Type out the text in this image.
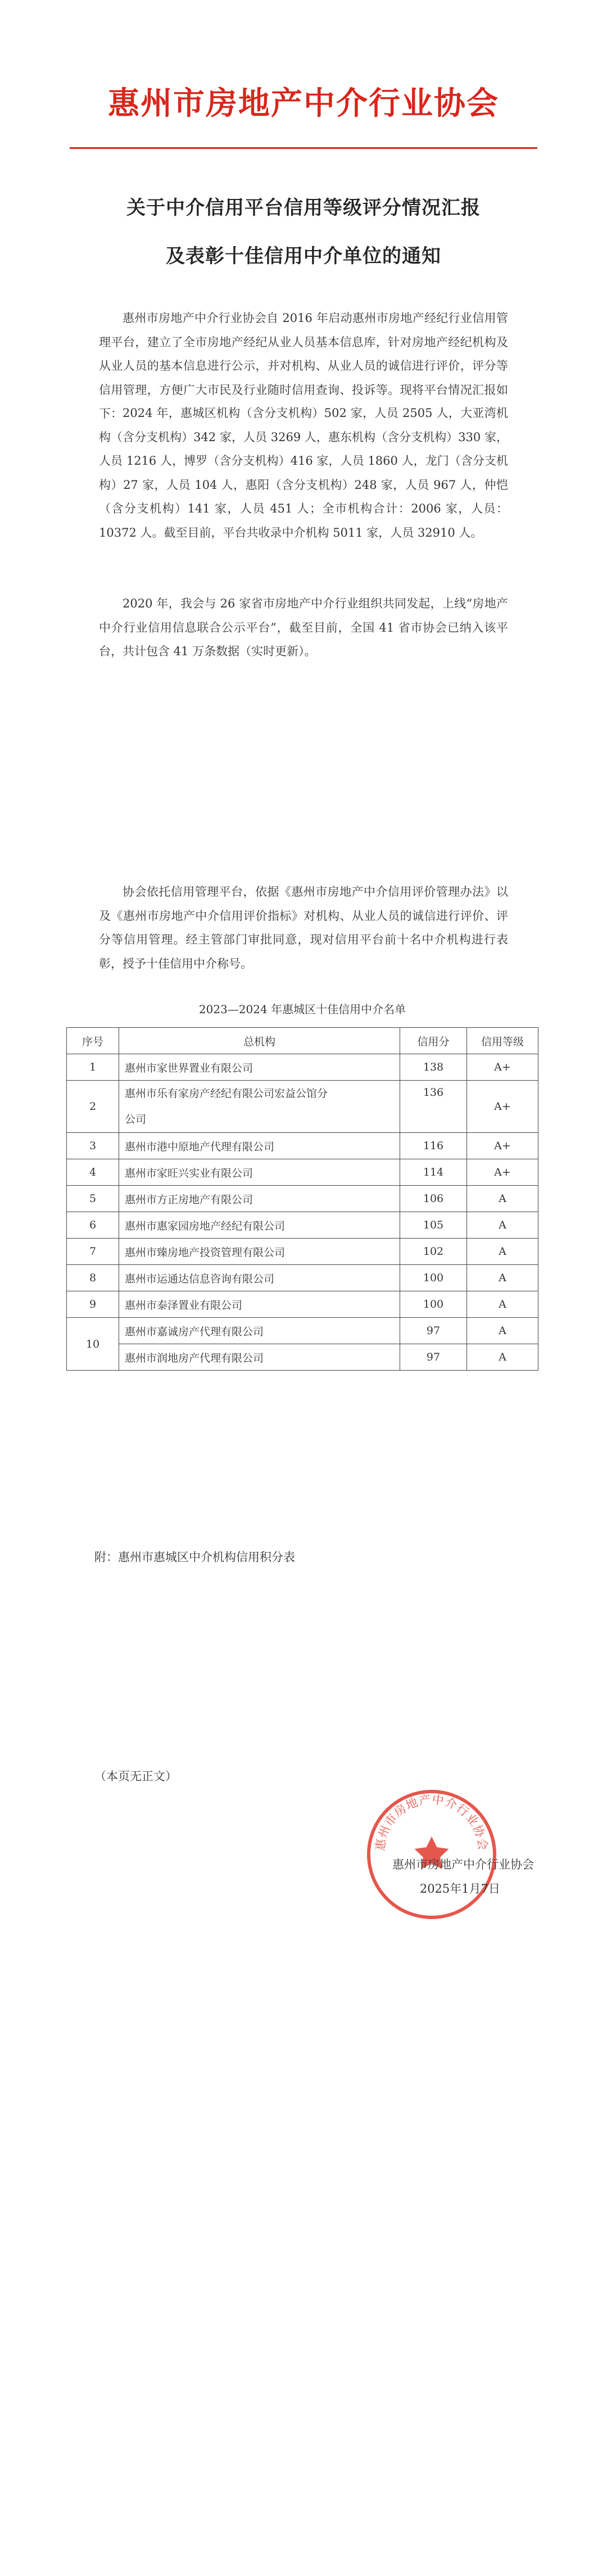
惠州市房地产中介行业协会
关于中介信用平台信用等级评分情况汇报
及表彰十佳信用中介单位的通知

惠州市房地产中介行业协会自 2016 年启动惠州市房地产经纪行业信用管理平台，建立了全市房地产经纪从业人员基本信息库，针对房地产经纪机构及从业人员的基本信息进行公示，并对机构、从业人员的诚信进行评价，评分等信用管理，方便广大市民及行业随时信用查询、投诉等。现将平台情况汇报如下： 2024 年，惠城区机构（含分支机构）502 家，人员 2505 人，大亚湾机构（含分支机构）342 家，人员 3269 人，惠东机构（含分支机构）330 家，人员 1216 人，博罗（含分支机构）416 家，人员 1860 人，龙门（含分支机构）27 家，人员 104 人，惠阳（含分支机构）248 家，人员 967 人，仲恺（含分支机构）141 家，人员 451 人；全市机构合计：2006 家，人员：10372 人。截至目前，平台共收录中介机构 5011 家，人员 32910 人。

2020 年，我会与 26 家省市房地产中介行业组织共同发起，上线“房地产中介行业信用信息联合公示平台”，截至目前，全国 41 省市协会已纳入该平台，共计包含 41 万条数据（实时更新）。

协会依托信用管理平台，依据《惠州市房地产中介信用评价管理办法》以及《惠州市房地产中介信用评价指标》对机构、从业人员的诚信进行评价、评分等信用管理。经主管部门审批同意，现对信用平台前十名中介机构进行表彰，授予十佳信用中介称号。

2023—2024 年惠城区十佳信用中介名单
序号	总机构	信用分	信用等级
1	惠州市家世界置业有限公司	138	A+
2	惠州市乐有家房产经纪有限公司宏益公馆分
公司	136	A+
3	惠州市港中原地产代理有限公司	116	A+
4	惠州市家旺兴实业有限公司	114	A+
5	惠州市方正房地产有限公司	106	A
6	惠州市惠家园房地产经纪有限公司	105	A
7	惠州市臻房地产投资管理有限公司	102	A
8	惠州市运通达信息咨询有限公司	100	A
9	惠州市泰泽置业有限公司	100	A
10	惠州市嘉诚房产代理有限公司	97	A
	惠州市润地房产代理有限公司	97	A
附：惠州市惠城区中介机构信用积分表
（本页无正文）
惠州市房地产中介行业协会
惠州市房地产中介行业协会
2025年1月7日
